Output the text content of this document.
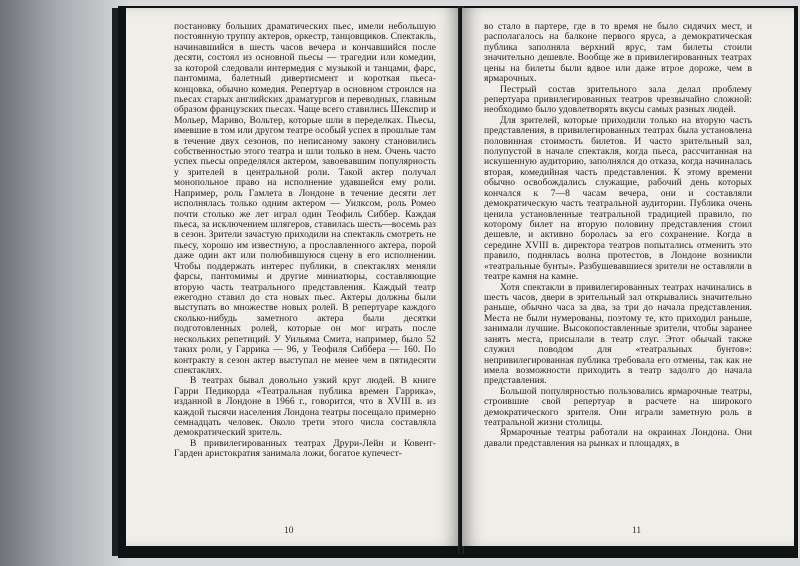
постановку больших драматических пьес, имели небольшую постоянную труппу актеров, оркестр, танцовщиков. Спектакль, начинавшийся в шесть часов вечера и кончавшийся после десяти, состоял из основной пьесы — трагедии или комедии, за которой следовали интермедия с музыкой и танцами, фарс, пантомима, балетный дивертисмент и короткая пьеса-концовка, обычно комедия. Репертуар в основном строился на пьесах старых английских драматургов и переводных, главным образом французских пьесах. Чаще всего ставились Шекспир и Мольер, Мариво, Вольтер, которые шли в переделках. Пьесы, имевшие в том или другом театре особый успех в прошлые там в течение двух сезонов, по неписаному закону становились собственностью этого театра и шли только в нем. Очень часто успех пьесы определялся актером, завоевавшим популярность у зрителей в центральной роли. Такой актер получал монопольное право на исполнение удавшейся ему роли. Например, роль Гамлета в Лондоне в течение десяти лет исполнялась только одним актером — Уилксом, роль Ромео почти столько же лет играл один Теофиль Сиббер. Каждая пьеса, за исключением шлягеров, ставилась шесть—восемь раз в сезон. Зрители зачастую приходили на спектакль смотреть не пьесу, хорошо им известную, а прославленного актера, порой даже один акт или полюбившуюся сцену в его исполнении. Чтобы поддержать интерес публики, в спектаклях меняли фарсы, пантомимы и другие миниатюры, составляющие вторую часть театрального представления. Каждый театр ежегодно ставил до ста новых пьес. Актеры должны были выступать во множестве новых ролей. В репертуаре каждого сколько-нибудь заметного актера были десятки подготовленных ролей, которые он мог играть после нескольких репетиций. У Уильяма Смита, например, было 52 таких роли, у Гаррика — 96, у Теофиля Сиббера — 160. По контракту в сезон актер выступал не менее чем в пятидесяти спектаклях.

В театрах бывал довольно узкий круг людей. В книге Гарри Педикорда «Театральная публика времен Гаррика», изданной в Лондоне в 1966 г., говорится, что в XVIII в. из каждой тысячи населения Лондона театры посещало примерно семнадцать человек. Около трети этого числа составляла демократический зритель.

В привилегированных театрах Друри-Лейн и Ковент-Гарден аристократия занимала ложи, богатое купечест-

10

во стало в партере, где в то время не было сидячих мест, и располагалось на балконе первого яруса, а демократическая публика заполняла верхний ярус, там билеты стоили значительно дешевле. Вообще же в привилегированных театрах цены на билеты были вдвое или даже втрое дороже, чем в ярмарочных.

Пестрый состав зрительного зала делал проблему репертуара привилегированных театров чрезвычайно сложной: необходимо было удовлетворять вкусы самых разных людей.

Для зрителей, которые приходили только на вторую часть представления, в привилегированных театрах была установлена половинная стоимость билетов. И часто зрительный зал, полупустой в начале спектакля, когда пьеса, рассчитанная на искушенную аудиторию, заполнялся до отказа, когда начиналась вторая, комедийная часть представления. К этому времени обычно освобождались служащие, рабочий день которых кончался к 7—8 часам вечера, они и составляли демократическую часть театральной аудитории. Публика очень ценила установленные театральной традицией правило, по которому билет на вторую половину представления стоил дешевле, и активно боролась за его сохранение. Когда в середине XVIII в. директора театров попытались отменить это правило, поднялась волна протестов, в Лондоне возникли «театральные бунты». Разбушевавшиеся зрители не оставляли в театре камня на камне.

Хотя спектакли в привилегированных театрах начинались в шесть часов, двери в зрительный зал открывались значительно раньше, обычно часа за два, за три до начала представления. Места не были нумерованы, поэтому те, кто приходил раньше, занимали лучшие. Высокопоставленные зрители, чтобы заранее занять места, присылали в театр слуг. Этот обычай также служил поводом для «театральных бунтов»: непривилегированная публика требовала его отмены, так как не имела возможности приходить в театр задолго до начала представления.

Большой популярностью пользовались ярмарочные театры, строившие свой репертуар в расчете на широкого демократического зрителя. Они играли заметную роль в театральной жизни столицы.

Ярмарочные театры работали на окраинах Лондона. Они давали представления на рынках и площадях, в

11
